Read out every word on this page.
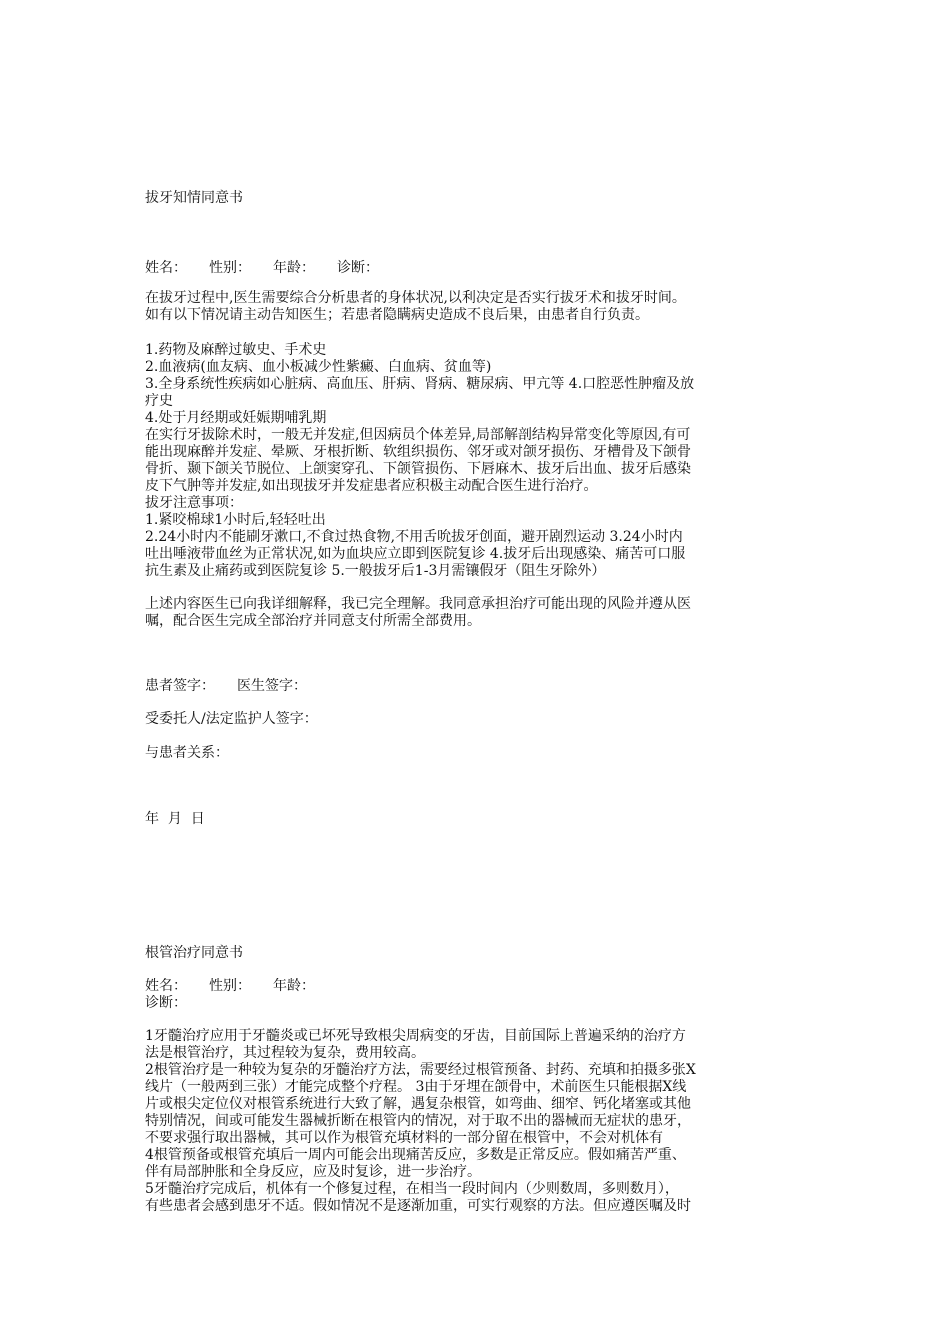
拔牙知情同意书
姓名： 性别： 年龄： 诊断：
在拔牙过程中,医生需要综合分析患者的身体状况,以利决定是否实行拔牙术和拔牙时间。
如有以下情况请主动告知医生；若患者隐瞒病史造成不良后果，由患者自行负责。
1.药物及麻醉过敏史、手术史
2.血液病(血友病、血小板减少性紫癜、白血病、贫血等)
3.全身系统性疾病如心脏病、高血压、肝病、肾病、糖尿病、甲亢等 4.口腔恶性肿瘤及放
疗史
4.处于月经期或妊娠期哺乳期
在实行牙拔除术时，一般无并发症,但因病员个体差异,局部解剖结构异常变化等原因,有可
能出现麻醉并发症、晕厥、牙根折断、软组织损伤、邻牙或对颌牙损伤、牙槽骨及下颌骨
骨折、颞下颌关节脱位、上颌窦穿孔、下颌管损伤、下唇麻木、拔牙后出血、拔牙后感染
皮下气肿等并发症,如出现拔牙并发症患者应积极主动配合医生进行治疗。
拔牙注意事项：
1.紧咬棉球1小时后,轻轻吐出
2.24小时内不能刷牙漱口,不食过热食物,不用舌吮拔牙创面，避开剧烈运动 3.24小时内
吐出唾液带血丝为正常状况,如为血块应立即到医院复诊 4.拔牙后出现感染、痛苦可口服
抗生素及止痛药或到医院复诊 5.一般拔牙后1-3月需镶假牙（阻生牙除外）
上述内容医生已向我详细解释，我已完全理解。我同意承担治疗可能出现的风险并遵从医
嘱，配合医生完成全部治疗并同意支付所需全部费用。
患者签字： 医生签字：
受委托人/法定监护人签字：
与患者关系：
年  月  日
根管治疗同意书
姓名： 性别： 年龄：
诊断：
1牙髓治疗应用于牙髓炎或已坏死导致根尖周病变的牙齿，目前国际上普遍采纳的治疗方
法是根管治疗，其过程较为复杂，费用较高。
2根管治疗是一种较为复杂的牙髓治疗方法，需要经过根管预备、封药、充填和拍摄多张X
线片（一般两到三张）才能完成整个疗程。 3由于牙埋在颌骨中，术前医生只能根据X线
片或根尖定位仪对根管系统进行大致了解，遇复杂根管，如弯曲、细窄、钙化堵塞或其他
特别情况，间或可能发生器械折断在根管内的情况，对于取不出的器械而无症状的患牙，
不要求强行取出器械，其可以作为根管充填材料的一部分留在根管中，不会对机体有
4根管预备或根管充填后一周内可能会出现痛苦反应，多数是正常反应。假如痛苦严重、
伴有局部肿胀和全身反应，应及时复诊，进一步治疗。
5牙髓治疗完成后，机体有一个修复过程，在相当一段时间内（少则数周，多则数月），
有些患者会感到患牙不适。假如情况不是逐渐加重，可实行观察的方法。但应遵医嘱及时
